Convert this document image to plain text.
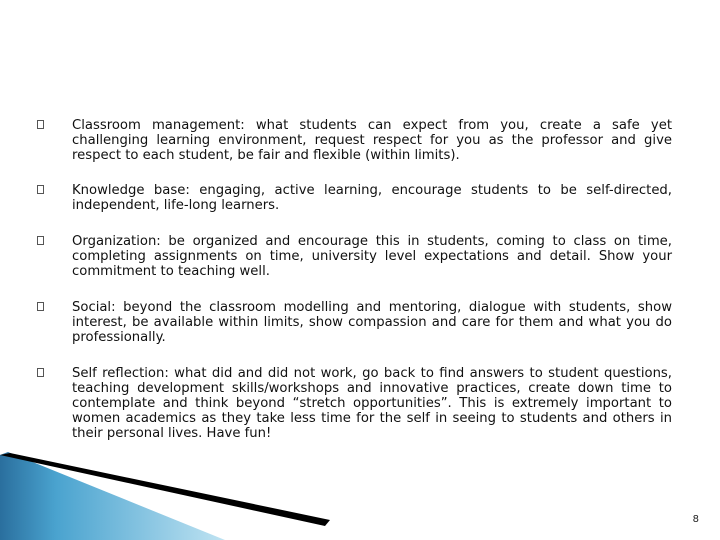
Classroom management: what students can expect from you, create a safe yet challenging learning environment, request respect for you as the professor and give respect to each student, be fair and flexible (within limits).
Knowledge base: engaging, active learning, encourage students to be self-directed, independent, life-long learners.
Organization: be organized and encourage this in students, coming to class on time, completing assignments on time, university level expectations and detail. Show your commitment to teaching well.
Social: beyond the classroom modelling and mentoring, dialogue with students, show interest, be available within limits, show compassion and care for them and what you do professionally.
Self reflection: what did and did not work, go back to find answers to student questions, teaching development skills/workshops and innovative practices, create down time to contemplate and think beyond “stretch opportunities”. This is extremely important to women academics as they take less time for the self in seeing to students and others in their personal lives. Have fun!
8
